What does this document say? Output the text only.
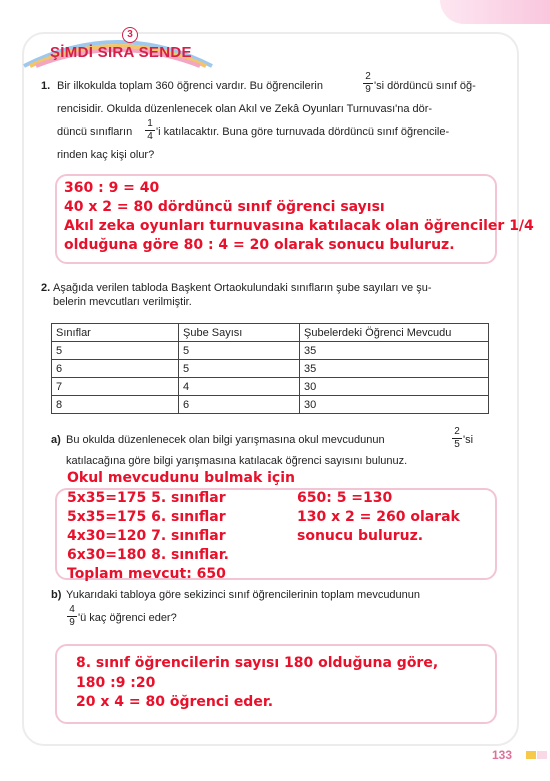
3
ŞİMDİ SIRA SENDE
1. Bir ilkokulda toplam 360 öğrenci vardır. Bu öğrencilerin
2
9 'si dördüncü sınıf öğ-
rencisidir. Okulda düzenlenecek olan Akıl ve Zekâ Oyunları Turnuvası'na dör-
düncü sınıfların
1
4 'i katılacaktır. Buna göre turnuvada dördüncü sınıf öğrencile-
rinden kaç kişi olur?
360 : 9 = 40
40 x 2 = 80 dördüncü sınıf öğrenci sayısı
Akıl zeka oyunları turnuvasına katılacak olan öğrenciler 1/4
olduğuna göre 80 : 4 = 20 olarak sonucu buluruz.
2. Aşağıda verilen tabloda Başkent Ortaokulundaki sınıfların şube sayıları ve şu-
belerin mevcutları verilmiştir.
Sınıflar	Şube Sayısı	Şubelerdeki Öğrenci Mevcudu
5	5	35
6	5	35
7	4	30
8	6	30
a) Bu okulda düzenlenecek olan bilgi yarışmasına okul mevcudunun
2
5 'si
katılacağına göre bilgi yarışmasına katılacak öğrenci sayısını bulunuz.
Okul mevcudunu bulmak için
5x35=175 5. sınıflar
5x35=175 6. sınıflar
4x30=120 7. sınıflar
6x30=180 8. sınıflar.
Toplam mevcut: 650
650: 5 =130
130 x 2 = 260 olarak
sonucu buluruz.
b) Yukarıdaki tabloya göre sekizinci sınıf öğrencilerinin toplam mevcudunun
4
9 'ü kaç öğrenci eder?
8. sınıf öğrencilerin sayısı 180 olduğuna göre,
180 :9 :20
20 x 4 = 80 öğrenci eder.
133
